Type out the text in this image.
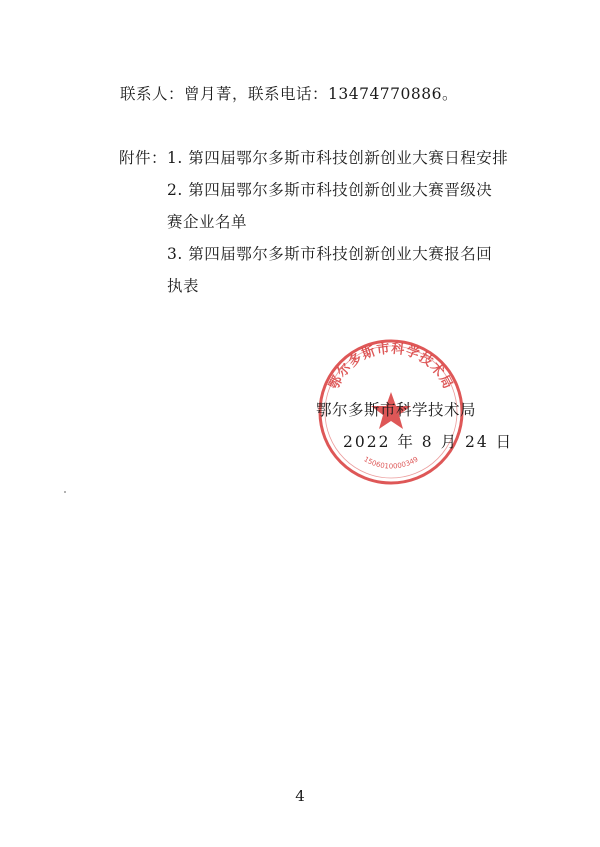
联系人：曾月菁，联系电话：13474770886。
附件： 1. 第四届鄂尔多斯市科技创新创业大赛日程安排
2. 第四届鄂尔多斯市科技创新创业大赛晋级决
赛企业名单
3. 第四届鄂尔多斯市科技创新创业大赛报名回
执表
鄂尔多斯市科学技术局
1506010000349
鄂尔多斯市科学技术局
2022 年 8 月 24 日
4
